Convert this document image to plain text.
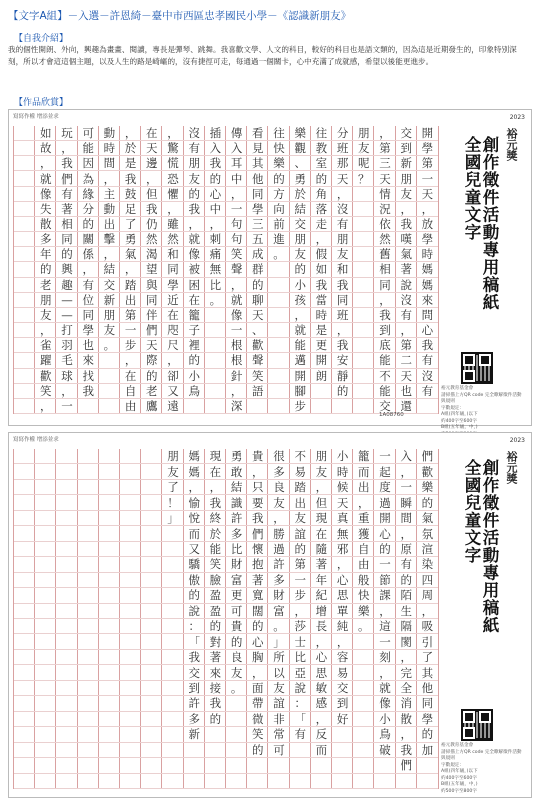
【文字A組】－入選－許恩綺－臺中市西區忠孝國民小學－《認識新朋友》
【自我介紹】
我的個性開朗、外向，興趣為畫畫、閱讀，專長是彈琴、跳舞。我喜歡文學、人文的科目，較好的科目也是語文類的，因為這是近期發生的，印象特別深刻，所以才會這這個主題，以及人生的路是崎嶇的，沒有捷徑可走，每通過一個關卡，心中充滿了成就感，希望以後能更進步。
【作品欣賞】
寫寫作權 增添並求
開
學
第
一
天
，
放
學
時
媽
媽
來
問
心
我
有
沒
有
交
到
新
朋
友
，
我
嘆
氣
著
說
沒
有
，
第
二
天
也
還
，
第
三
天
情
況
依
然
舊
相
同
，
我
到
底
能
不
能
交
朋
友
呢
？
分
班
那
天
，
沒
有
朋
友
和
我
同
班
，
我
安
靜
的
往
教
室
的
角
落
走
，
假
如
我
當
時
是
更
開
朗
樂
觀
、
勇
於
結
交
朋
友
的
小
孩
，
就
能
邁
開
腳
步
往
快
樂
的
方
向
前
進
。
看
見
其
他
同
學
三
五
成
群
的
聊
天
、
歡
聲
笑
語
傳
入
耳
中
，
一
句
句
笑
聲
，
就
像
一
根
根
針
，
深
插
入
我
的
心
中
，
刺
痛
無
比
。
沒
有
朋
友
的
我
，
就
像
被
困
在
籠
子
裡
的
小
鳥
，
驚
慌
恐
懼
，
雖
然
和
同
學
近
在
咫
尺
，
卻
又
遠
在
天
邊
，
但
我
仍
然
渴
望
與
同
伴
們
天
際
的
老
鷹
，
於
是
我
鼓
足
了
勇
氣
，
踏
出
第
一
步
，
在
自
由
動
時
間
，
主
動
出
擊
，
結
交
新
朋
友
。
可
能
因
為
緣
分
的
關
係
，
有
位
同
學
也
來
找
我
玩
，
我
們
有
著
相
同
的
興
趣
—
—
打
羽
毛
球
，
一
如
故
，
就
像
失
散
多
年
的
老
朋
友
，
雀
躍
歡
笑
，
1A08760
2023
裕元獎
全國兒童文字 創作徵件活動專用稿紙
裕元教育基金會
請掃描上方QR code 完全瞭解徵件活動與規則
字數規定：
A組(四年級，)以下
約400字至600字
B組(五年級，中，)
寫寫作權 增添並求
們
歡
樂
的
氣
氛
渲
染
四
周
，
吸
引
了
其
他
同
學
的
加
入
，
一
瞬
間
，
原
有
的
陌
生
隔
閡
，
完
全
消
散
，
我
們
一
起
度
過
開
心
的
一
節
課
，
這
一
刻
，
就
像
小
鳥
破
籠
而
出
，
重
獲
自
由
般
快
樂
。
小
時
候
天
真
無
邪
，
心
思
單
純
，
容
易
交
到
好
朋
友
，
但
現
在
隨
著
年
紀
增
長
，
心
思
敏
感
，
反
而
不
易
踏
出
友
誼
的
第
一
步
，
莎
士
比
亞
說
：
「
有
很
多
良
友
，
勝
過
許
多
財
富
。
」
所
以
友
誼
非
常
可
貴
，
只
要
我
們
懷
抱
著
寬
闊
的
心
胸
，
面
帶
微
笑
的
勇
敢
結
識
許
多
比
財
富
更
可
貴
的
良
友
。
現
在
，
我
終
於
能
笑
臉
盈
盈
的
對
著
來
接
我
的
媽
媽
，
愉
悅
而
又
驕
傲
的
說
：
「
我
交
到
許
多
新
朋
友
了
！
」
2023
裕元獎
全國兒童文字 創作徵件活動專用稿紙
裕元教育基金會
請掃描上方QR code 完全瞭解徵件活動與規則
字數規定：
A組(四年級，)以下
約400字至600字
B組(五年級，中，)
約500字至800字
